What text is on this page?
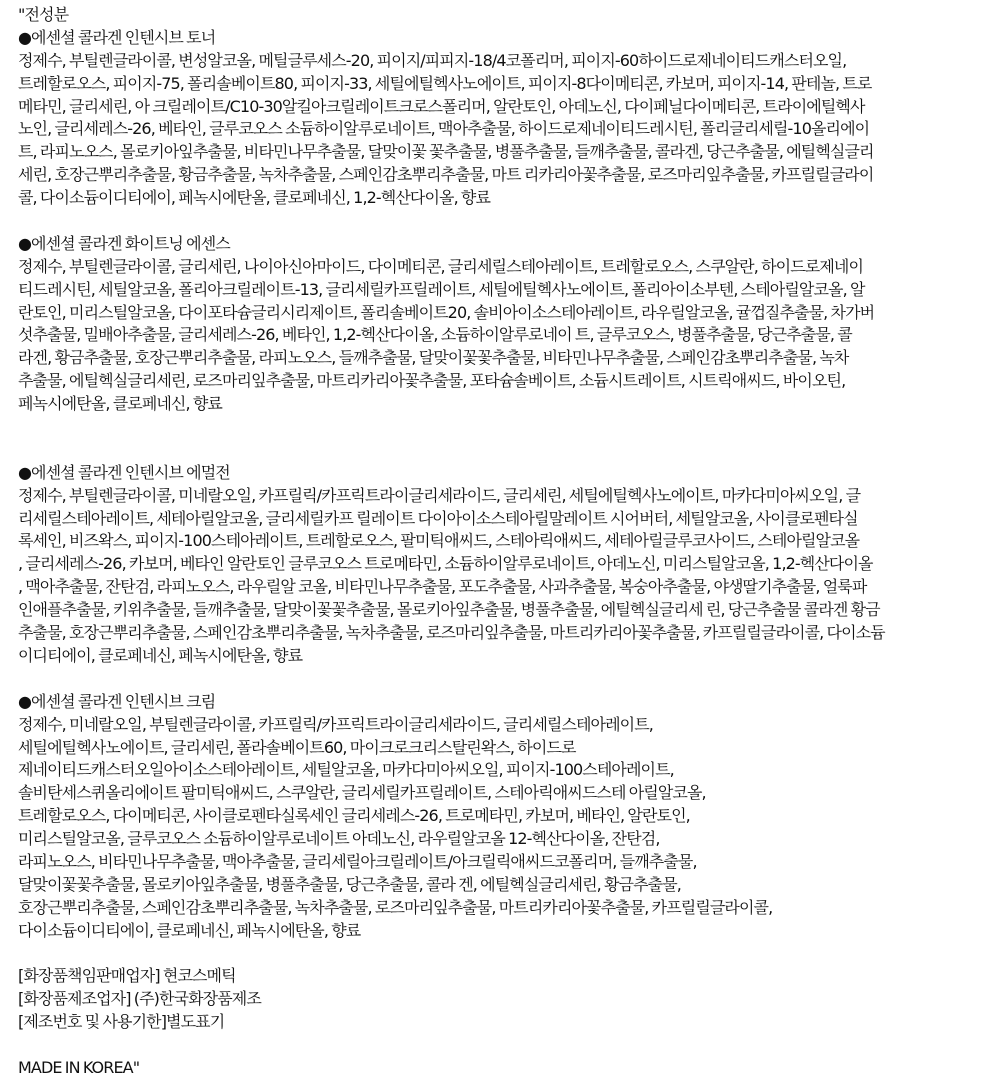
"전성분
●에센셜 콜라겐 인텐시브 토너
정제수, 부틸렌글라이콜, 변성알코올, 메틸글루세스-20, 피이지/피피지-18/4코폴리머, 피이지-60하이드로제네이티드캐스터오일,
트레할로오스, 피이지-75, 폴리솔베이트80, 피이지-33, 세틸에틸헥사노에이트, 피이지-8다이메티콘, 카보머, 피이지-14, 판테놀, 트로
메타민, 글리세린, 아 크릴레이트/C10-30알킬아크릴레이트크로스폴리머, 알란토인, 아데노신, 다이페닐다이메티콘, 트라이에틸헥사
노인, 글리세레스-26, 베타인, 글루코오스 소듐하이알루로네이트, 맥아추출물, 하이드로제네이티드레시틴, 폴리글리세릴-10올리에이
트, 라피노오스, 몰로키아잎추출물, 비타민나무추출물, 달맞이꽃 꽃추출물, 병풀추출물, 들깨추출물, 콜라겐, 당근추출물, 에틸헥실글리
세린, 호장근뿌리추출물, 황금추출물, 녹차추출물, 스페인감초뿌리추출물, 마트 리카리아꽃추출물, 로즈마리잎추출물, 카프릴릴글라이
콜, 다이소듐이디티에이, 페녹시에탄올, 클로페네신, 1,2-헥산다이올, 향료
●에센셜 콜라겐 화이트닝 에센스
정제수, 부틸렌글라이콜, 글리세린, 나이아신아마이드, 다이메티콘, 글리세릴스테아레이트, 트레할로오스, 스쿠알란, 하이드로제네이
티드레시틴, 세틸알코올, 폴리아크릴레이트-13, 글리세릴카프릴레이트, 세틸에틸헥사노에이트, 폴리아이소부텐, 스테아릴알코올, 알
란토인, 미리스틸알코올, 다이포타슘글리시리제이트, 폴리솔베이트20, 솔비아이소스테아레이트, 라우릴알코올, 귤껍질추출물, 차가버
섯추출물, 밀배아추출물, 글리세레스-26, 베타인, 1,2-헥산다이올, 소듐하이알루로네이 트, 글루코오스, 병풀추출물, 당근추출물, 콜
라겐, 황금추출물, 호장근뿌리추출물, 라피노오스, 들깨추출물, 달맞이꽃꽃추출물, 비타민나무추출물, 스페인감초뿌리추출물, 녹차
추출물, 에틸헥실글리세린, 로즈마리잎추출물, 마트리카리아꽃추출물, 포타슘솔베이트, 소듐시트레이트, 시트릭애씨드, 바이오틴,
페녹시에탄올, 클로페네신, 향료
●에센셜 콜라겐 인텐시브 에멀전
정제수, 부틸렌글라이콜, 미네랄오일, 카프릴릭/카프릭트라이글리세라이드, 글리세린, 세틸에틸헥사노에이트, 마카다미아씨오일, 글
리세릴스테아레이트, 세테아릴알코올, 글리세릴카프 릴레이트 다이아이소스테아릴말레이트 시어버터, 세틸알코올, 사이클로펜타실
록세인, 비즈왁스, 피이지-100스테아레이트, 트레할로오스, 팔미틱애씨드, 스테아릭애씨드, 세테아릴글루코사이드, 스테아릴알코올
, 글리세레스-26, 카보머, 베타인 알란토인 글루코오스 트로메타민, 소듐하이알루로네이트, 아데노신, 미리스틸알코올, 1,2-헥산다이올
, 맥아추출물, 잔탄검, 라피노오스, 라우릴알 코올, 비타민나무추출물, 포도추출물, 사과추출물, 복숭아추출물, 야생딸기추출물, 얼룩파
인애플추출물, 키위추출물, 들깨추출물, 달맞이꽃꽃추출물, 몰로키아잎추출물, 병풀추출물, 에틸헥실글리세 린, 당근추출물 콜라겐 황금
추출물, 호장근뿌리추출물, 스페인감초뿌리추출물, 녹차추출물, 로즈마리잎추출물, 마트리카리아꽃추출물, 카프릴릴글라이콜, 다이소듐
이디티에이, 클로페네신, 페녹시에탄올, 향료
●에센셜 콜라겐 인텐시브 크림
정제수, 미네랄오일, 부틸렌글라이콜, 카프릴릭/카프릭트라이글리세라이드, 글리세릴스테아레이트,
세틸에틸헥사노에이트, 글리세린, 폴라솔베이트60, 마이크로크리스탈린왁스, 하이드로
제네이티드캐스터오일아이소스테아레이트, 세틸알코올, 마카다미아씨오일, 피이지-100스테아레이트,
솔비탄세스퀴올리에이트 팔미틱애씨드, 스쿠알란, 글리세릴카프릴레이트, 스테아릭애씨드스테 아릴알코올,
트레할로오스, 다이메티콘, 사이클로펜타실록세인 글리세레스-26, 트로메타민, 카보머, 베타인, 알란토인,
미리스틸알코올, 글루코오스 소듐하이알루로네이트 아데노신, 라우릴알코올 12-헥산다이올, 잔탄검,
라피노오스, 비타민나무추출물, 맥아추출물, 글리세릴아크릴레이트/아크릴릭애씨드코폴리머, 들깨추출물,
달맞이꽃꽃추출물, 몰로키아잎추출물, 병풀추출물, 당근추출물, 콜라 겐, 에틸헥실글리세린, 황금추출물,
호장근뿌리추출물, 스페인감초뿌리추출물, 녹차추출물, 로즈마리잎추출물, 마트리카리아꽃추출물, 카프릴릴글라이콜,
다이소듐이디티에이, 클로페네신, 페녹시에탄올, 향료
[화장품책임판매업자] 현코스메틱
[화장품제조업자] (주)한국화장품제조
[제조번호 및 사용기한]별도표기
MADE IN KOREA"
